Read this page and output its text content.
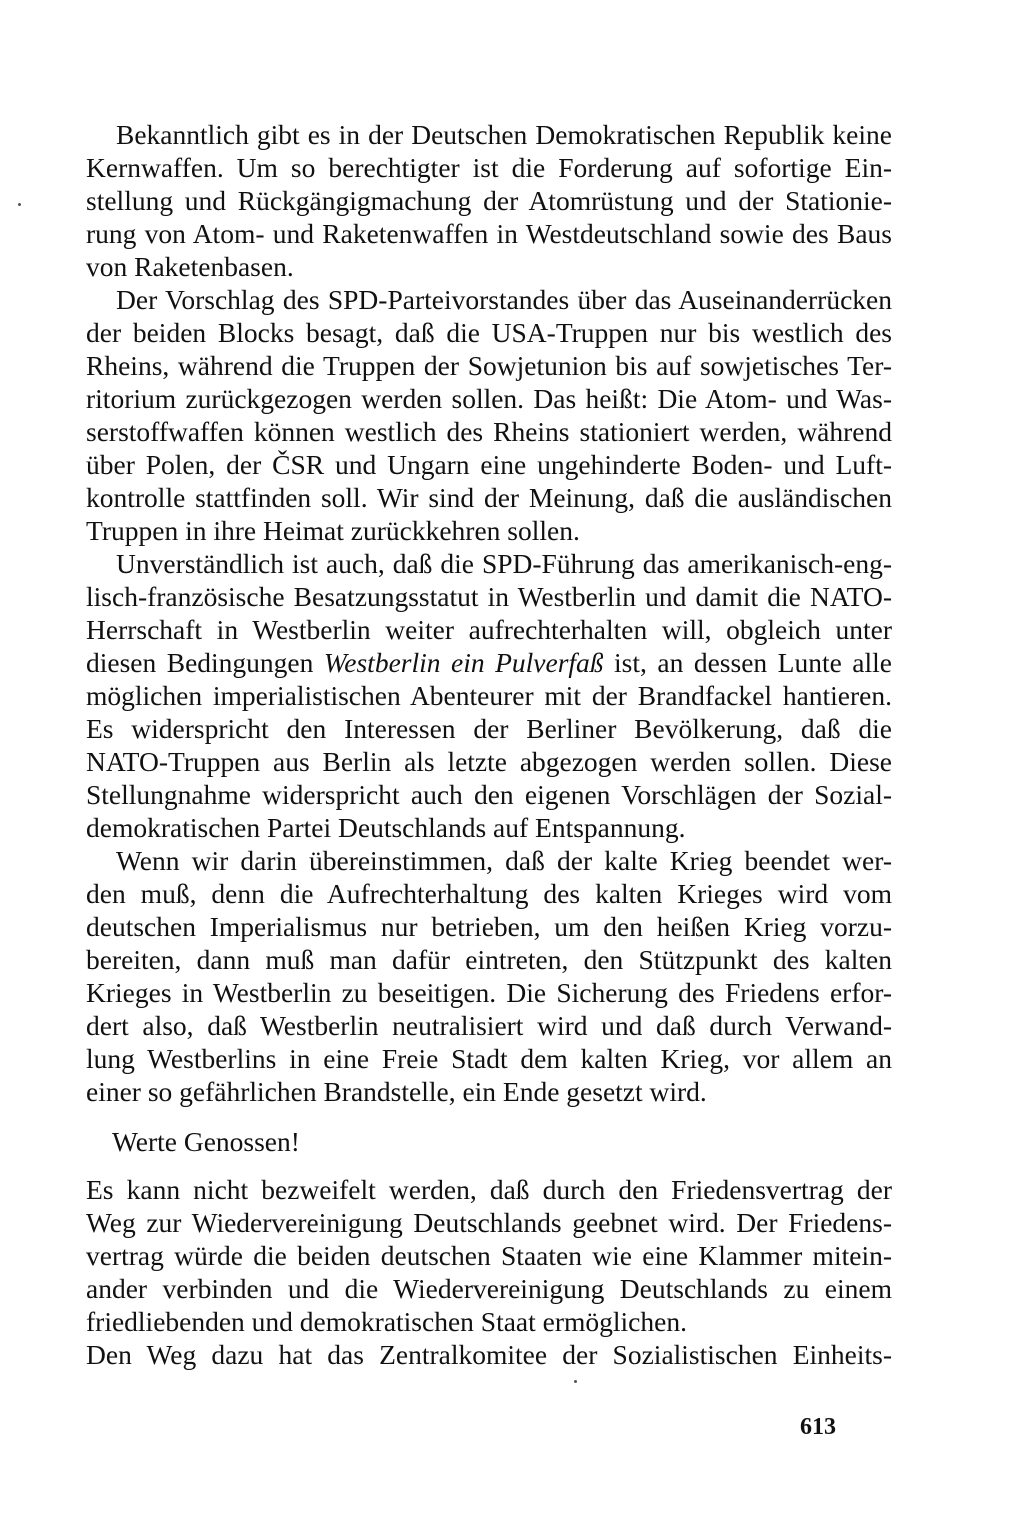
Bekanntlich gibt es in der Deutschen Demokratischen Republik keine
Kernwaffen. Um so berechtigter ist die Forderung auf sofortige Ein-
stellung und Rückgängigmachung der Atomrüstung und der Stationie-
rung von Atom- und Raketenwaffen in Westdeutschland sowie des Baus
von Raketenbasen.
Der Vorschlag des SPD-Parteivorstandes über das Auseinanderrücken
der beiden Blocks besagt, daß die USA-Truppen nur bis westlich des
Rheins, während die Truppen der Sowjetunion bis auf sowjetisches Ter-
ritorium zurückgezogen werden sollen. Das heißt: Die Atom- und Was-
serstoffwaffen können westlich des Rheins stationiert werden, während
über Polen, der ČSR und Ungarn eine ungehinderte Boden- und Luft-
kontrolle stattfinden soll. Wir sind der Meinung, daß die ausländischen
Truppen in ihre Heimat zurückkehren sollen.
Unverständlich ist auch, daß die SPD-Führung das amerikanisch-eng-
lisch-französische Besatzungsstatut in Westberlin und damit die NATO-
Herrschaft in Westberlin weiter aufrechterhalten will, obgleich unter
diesen Bedingungen Westberlin ein Pulverfaß ist, an dessen Lunte alle
möglichen imperialistischen Abenteurer mit der Brandfackel hantieren.
Es widerspricht den Interessen der Berliner Bevölkerung, daß die
NATO-Truppen aus Berlin als letzte abgezogen werden sollen. Diese
Stellungnahme widerspricht auch den eigenen Vorschlägen der Sozial-
demokratischen Partei Deutschlands auf Entspannung.
Wenn wir darin übereinstimmen, daß der kalte Krieg beendet wer-
den muß, denn die Aufrechterhaltung des kalten Krieges wird vom
deutschen Imperialismus nur betrieben, um den heißen Krieg vorzu-
bereiten, dann muß man dafür eintreten, den Stützpunkt des kalten
Krieges in Westberlin zu beseitigen. Die Sicherung des Friedens erfor-
dert also, daß Westberlin neutralisiert wird und daß durch Verwand-
lung Westberlins in eine Freie Stadt dem kalten Krieg, vor allem an
einer so gefährlichen Brandstelle, ein Ende gesetzt wird.
Werte Genossen!
Es kann nicht bezweifelt werden, daß durch den Friedensvertrag der
Weg zur Wiedervereinigung Deutschlands geebnet wird. Der Friedens-
vertrag würde die beiden deutschen Staaten wie eine Klammer mitein-
ander verbinden und die Wiedervereinigung Deutschlands zu einem
friedliebenden und demokratischen Staat ermöglichen.
Den Weg dazu hat das Zentralkomitee der Sozialistischen Einheits-
613
